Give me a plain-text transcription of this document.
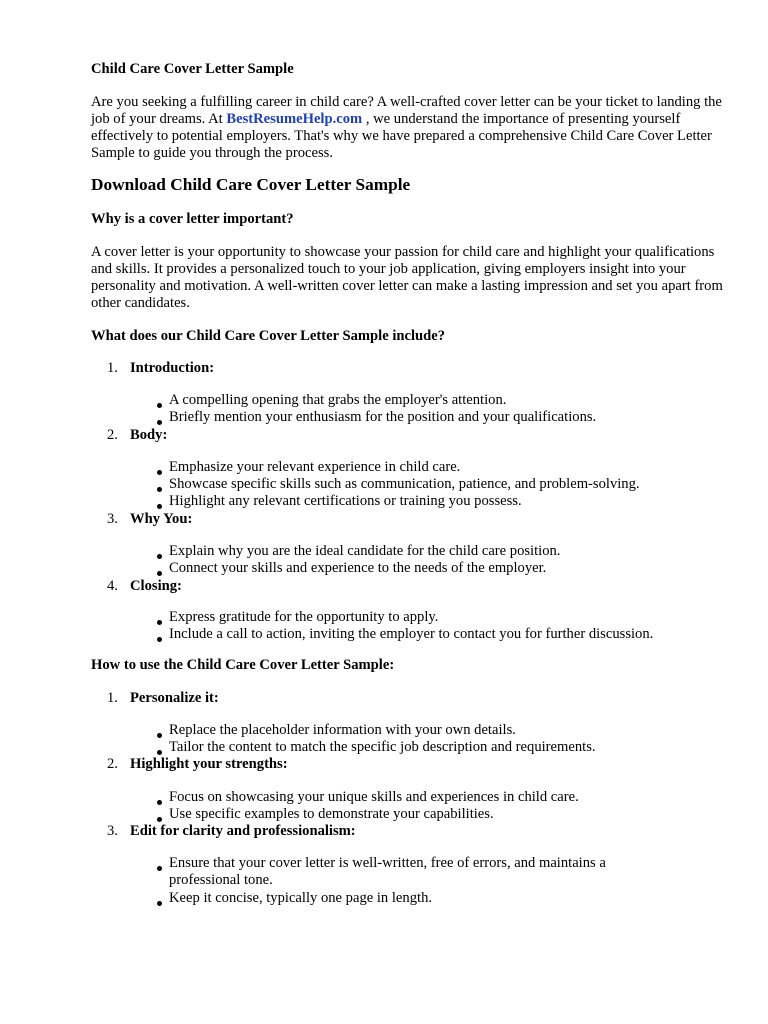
Child Care Cover Letter Sample

Are you seeking a fulfilling career in child care? A well-crafted cover letter can be your ticket to landing the job of your dreams. At BestResumeHelp.com , we understand the importance of presenting yourself effectively to potential employers. That's why we have prepared a comprehensive Child Care Cover Letter Sample to guide you through the process.

Download Child Care Cover Letter Sample
Why is a cover letter important?

A cover letter is your opportunity to showcase your passion for child care and highlight your qualifications and skills. It provides a personalized touch to your job application, giving employers insight into your personality and motivation. A well-written cover letter can make a lasting impression and set you apart from other candidates.

What does our Child Care Cover Letter Sample include?
1. Introduction:
A compelling opening that grabs the employer's attention.
Briefly mention your enthusiasm for the position and your qualifications.
2. Body:
Emphasize your relevant experience in child care.
Showcase specific skills such as communication, patience, and problem-solving.
Highlight any relevant certifications or training you possess.
3. Why You:
Explain why you are the ideal candidate for the child care position.
Connect your skills and experience to the needs of the employer.
4. Closing:
Express gratitude for the opportunity to apply.
Include a call to action, inviting the employer to contact you for further discussion.
How to use the Child Care Cover Letter Sample:
1. Personalize it:
Replace the placeholder information with your own details.
Tailor the content to match the specific job description and requirements.
2. Highlight your strengths:
Focus on showcasing your unique skills and experiences in child care.
Use specific examples to demonstrate your capabilities.
3. Edit for clarity and professionalism:
Ensure that your cover letter is well-written, free of errors, and maintains a professional tone.
Keep it concise, typically one page in length.
